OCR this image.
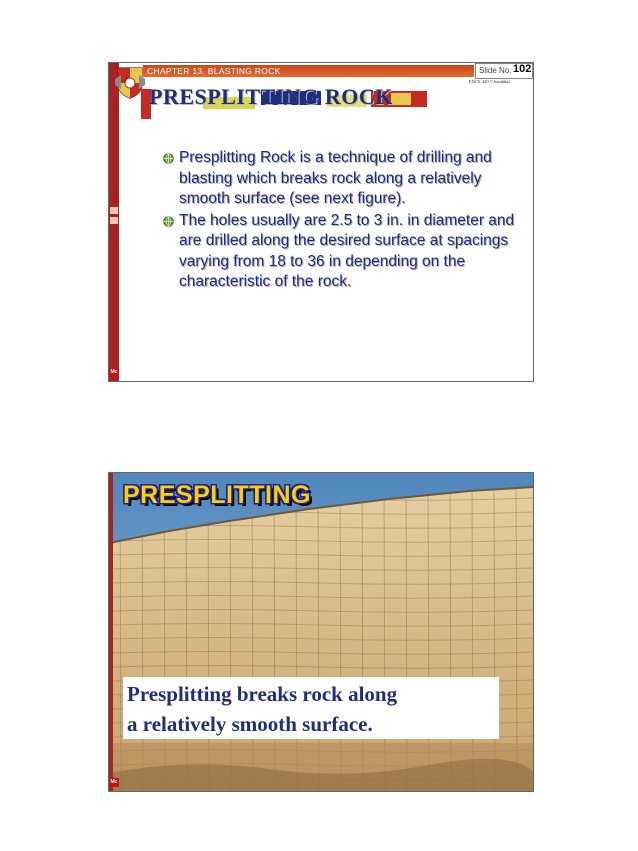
Mc
CHAPTER 13. BLASTING ROCK	Slide No. 102
ENCE 420 ©Assakkaf
PRESPLITTING ROCK
Presplitting Rock is a technique of drilling and blasting which breaks rock along a relatively smooth surface (see next figure).
The holes usually are 2.5 to 3 in. in diameter and are drilled along the desired surface at spacings varying from 18 to 36 in depending on the characteristic of the rock.
Mc
PRESPLITTING
Presplitting breaks rock along
a relatively smooth surface.
